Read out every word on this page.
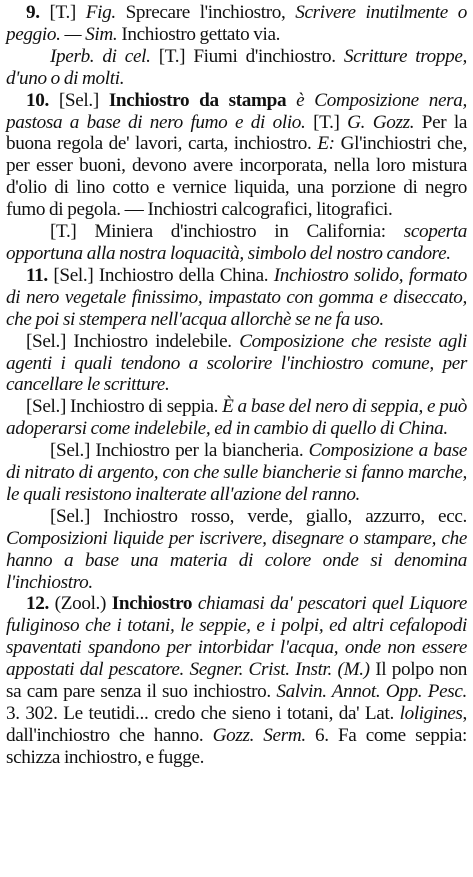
9. [T.] Fig. Sprecare l'inchiostro, Scrivere inutilmente o peggio. — Sim. Inchiostro gettato via.

Iperb. di cel. [T.] Fiumi d'inchiostro. Scritture troppe, d'uno o di molti.

10. [Sel.] Inchiostro da stampa è Composizione nera, pastosa a base di nero fumo e di olio. [T.] G. Gozz. Per la buona regola de' lavori, carta, inchiostro. E: Gl'inchiostri che, per esser buoni, devono avere incorporata, nella loro mistura d'olio di lino cotto e vernice liquida, una porzione di negro fumo di pegola. — Inchiostri calcografici, litografici.

[T.] Miniera d'inchiostro in California: scoperta opportuna alla nostra loquacità, simbolo del nostro candore.

11. [Sel.] Inchiostro della China. Inchiostro solido, formato di nero vegetale finissimo, impastato con gomma e diseccato, che poi si stempera nell'acqua allorchè se ne fa uso.

[Sel.] Inchiostro indelebile. Composizione che resiste agli agenti i quali tendono a scolorire l'inchiostro comune, per cancellare le scritture.

[Sel.] Inchiostro di seppia. È a base del nero di seppia, e può adoperarsi come indelebile, ed in cambio di quello di China.

[Sel.] Inchiostro per la biancheria. Composizione a base di nitrato di argento, con che sulle biancherie si fanno marche, le quali resistono inalterate all'azione del ranno.

[Sel.] Inchiostro rosso, verde, giallo, azzurro, ecc. Composizioni liquide per iscrivere, disegnare o stampare, che hanno a base una materia di colore onde si denomina l'inchiostro.

12. (Zool.) Inchiostro chiamasi da' pescatori quel Liquore fuliginoso che i totani, le seppie, e i polpi, ed altri cefalopodi spaventati spandono per intorbidar l'acqua, onde non essere appostati dal pescatore. Segner. Crist. Instr. (M.) Il polpo non sa cam pare senza il suo inchiostro. Salvin. Annot. Opp. Pesc. 3. 302. Le teutidi... credo che sieno i totani, da' Lat. loligines, dall'inchiostro che hanno. Gozz. Serm. 6. Fa come seppia: schizza inchiostro, e fugge.
